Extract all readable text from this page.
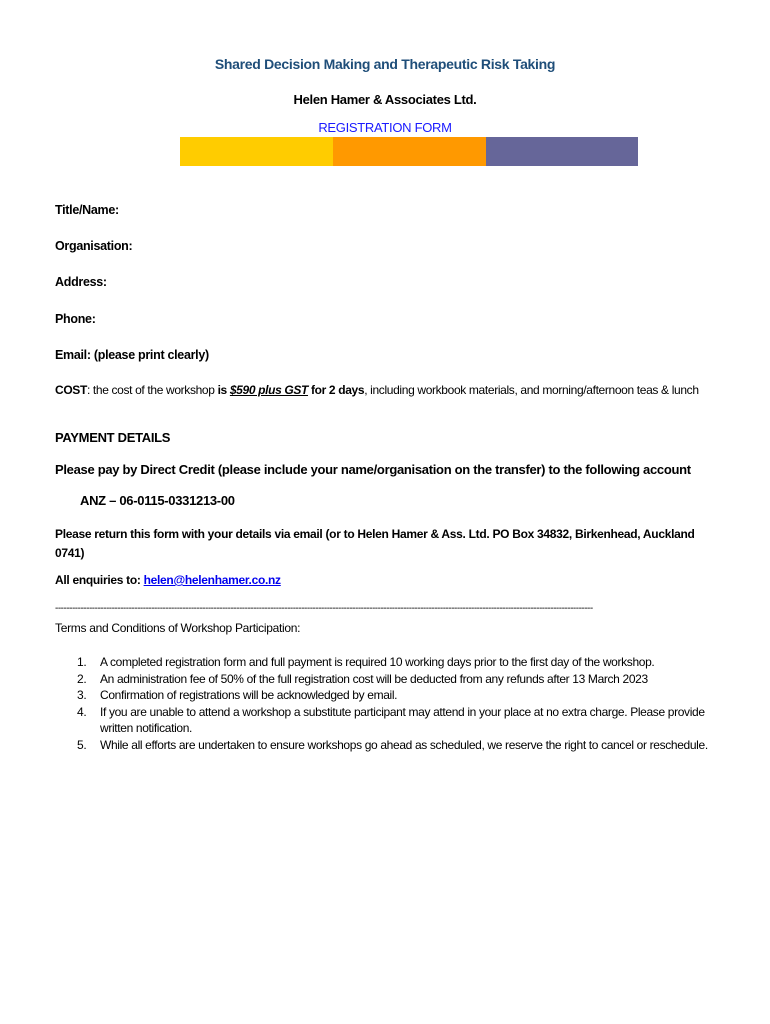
Shared Decision Making and Therapeutic Risk Taking
Helen Hamer & Associates Ltd.
REGISTRATION FORM
Title/Name:
Organisation:
Address:
Phone:
Email: (please print clearly)
COST: the cost of the workshop is $590 plus GST for 2 days, including workbook materials, and morning/afternoon teas & lunch
PAYMENT DETAILS
Please pay by Direct Credit (please include your name/organisation on the transfer) to the following account
ANZ – 06-0115-0331213-00
Please return this form with your details via email (or to Helen Hamer & Ass. Ltd. PO Box 34832, Birkenhead, Auckland 0741)
All enquiries to: helen@helenhamer.co.nz
----------------------------------------------------------------------------------------------------------------------------------------------------------------------------------------------
Terms and Conditions of Workshop Participation:
1. A completed registration form and full payment is required 10 working days prior to the first day of the workshop.
2. An administration fee of 50% of the full registration cost will be deducted from any refunds after 13 March 2023
3. Confirmation of registrations will be acknowledged by email.
4. If you are unable to attend a workshop a substitute participant may attend in your place at no extra charge. Please provide written notification.
5. While all efforts are undertaken to ensure workshops go ahead as scheduled, we reserve the right to cancel or reschedule.
